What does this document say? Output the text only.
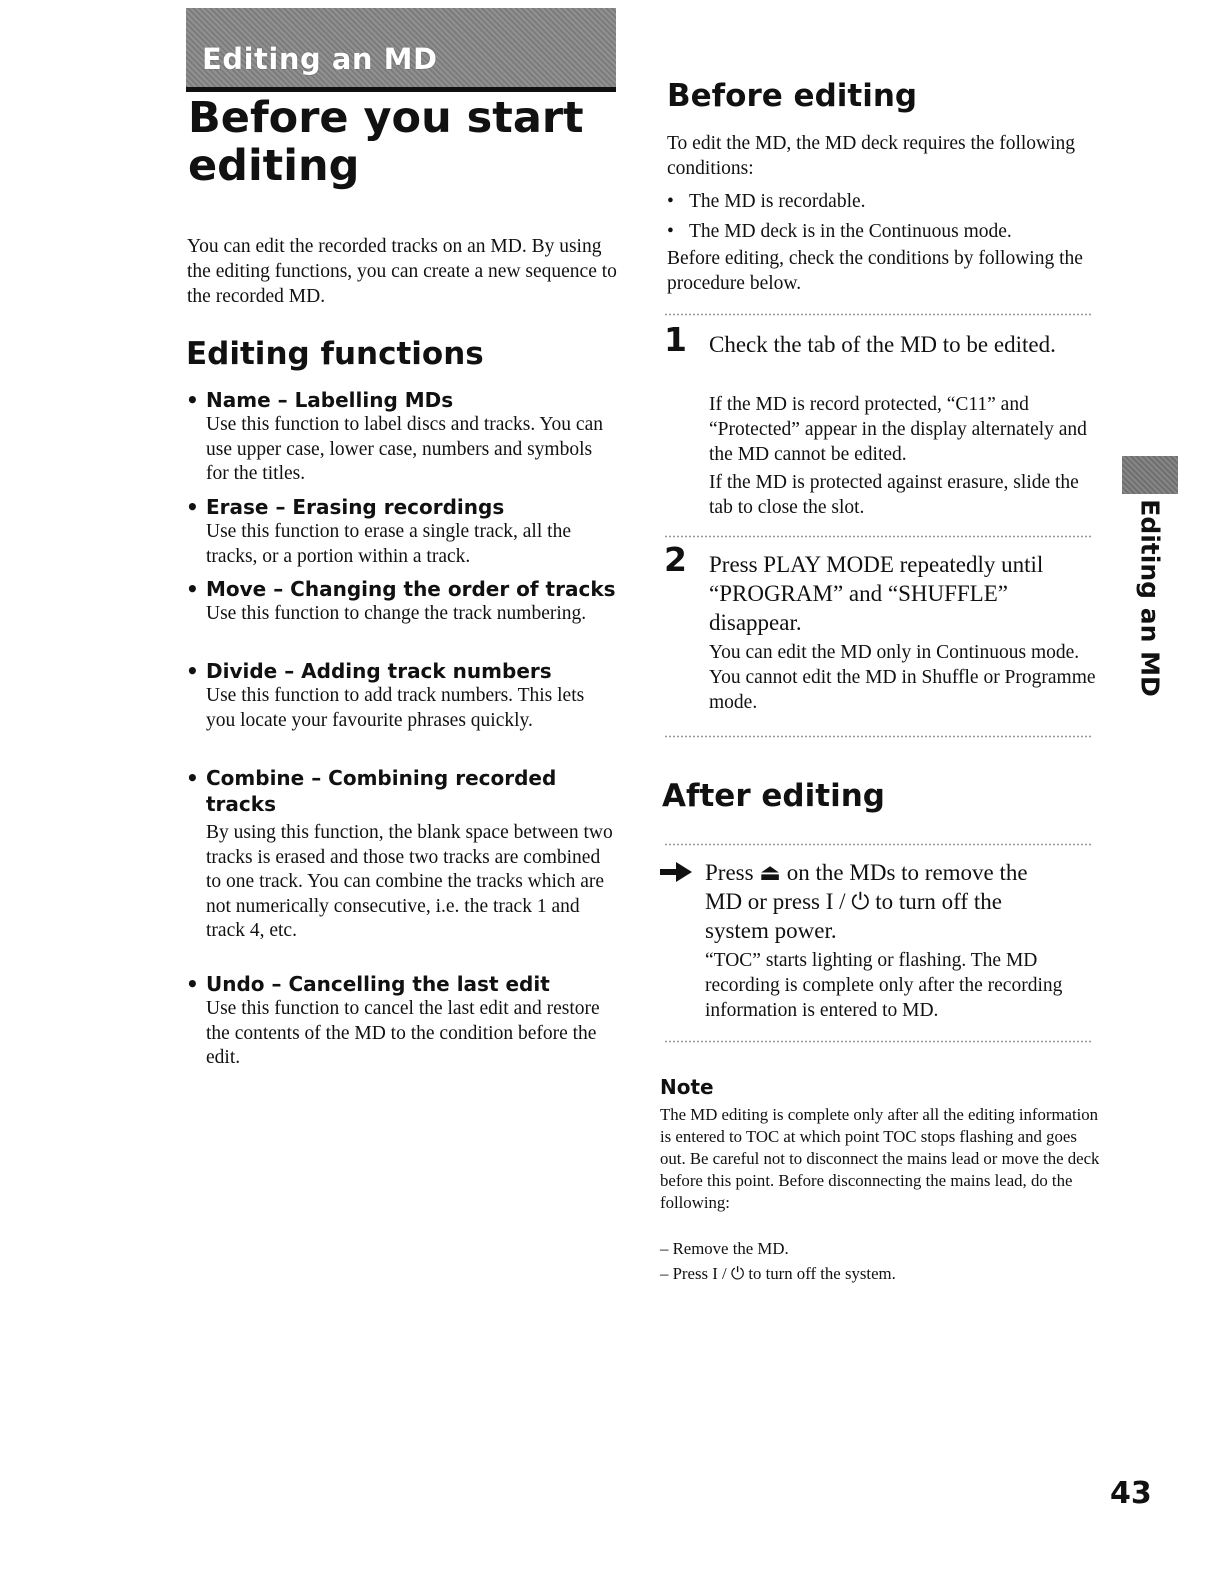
Editing an MD
Before you start editing

You can edit the recorded tracks on an MD. By using the editing functions, you can create a new sequence to the recorded MD.

Editing functions
• Name – Labelling MDs
Use this function to label discs and tracks. You can use upper case, lower case, numbers and symbols for the titles.
• Erase – Erasing recordings
Use this function to erase a single track, all the tracks, or a portion within a track.
• Move – Changing the order of tracks
Use this function to change the track numbering.
• Divide – Adding track numbers
Use this function to add track numbers. This lets you locate your favourite phrases quickly.
• Combine – Combining recorded tracks
By using this function, the blank space between two tracks is erased and those two tracks are combined to one track. You can combine the tracks which are not numerically consecutive, i.e. the track 1 and track 4, etc.
• Undo – Cancelling the last edit
Use this function to cancel the last edit and restore the contents of the MD to the condition before the edit.
Before editing

To edit the MD, the MD deck requires the following conditions:

• The MD is recordable.
• The MD deck is in the Continuous mode.

Before editing, check the conditions by following the procedure below.

1 Check the tab of the MD to be edited.

If the MD is record protected, “C11” and “Protected” appear in the display alternately and the MD cannot be edited.

If the MD is protected against erasure, slide the tab to close the slot.

2 Press PLAY MODE repeatedly until “PROGRAM” and “SHUFFLE” disappear.

You can edit the MD only in Continuous mode. You cannot edit the MD in Shuffle or Programme mode.

After editing

Press ⏏ on the MDs to remove the

MD or press I / ⏻ to turn off the

system power.

“TOC” starts lighting or flashing. The MD recording is complete only after the recording information is entered to MD.

Note

The MD editing is complete only after all the editing information is entered to TOC at which point TOC stops flashing and goes out. Be careful not to disconnect the mains lead or move the deck before this point. Before disconnecting the mains lead, do the following:

– Remove the MD.

– Press I / ⏻ to turn off the system.

Editing an MD
43
